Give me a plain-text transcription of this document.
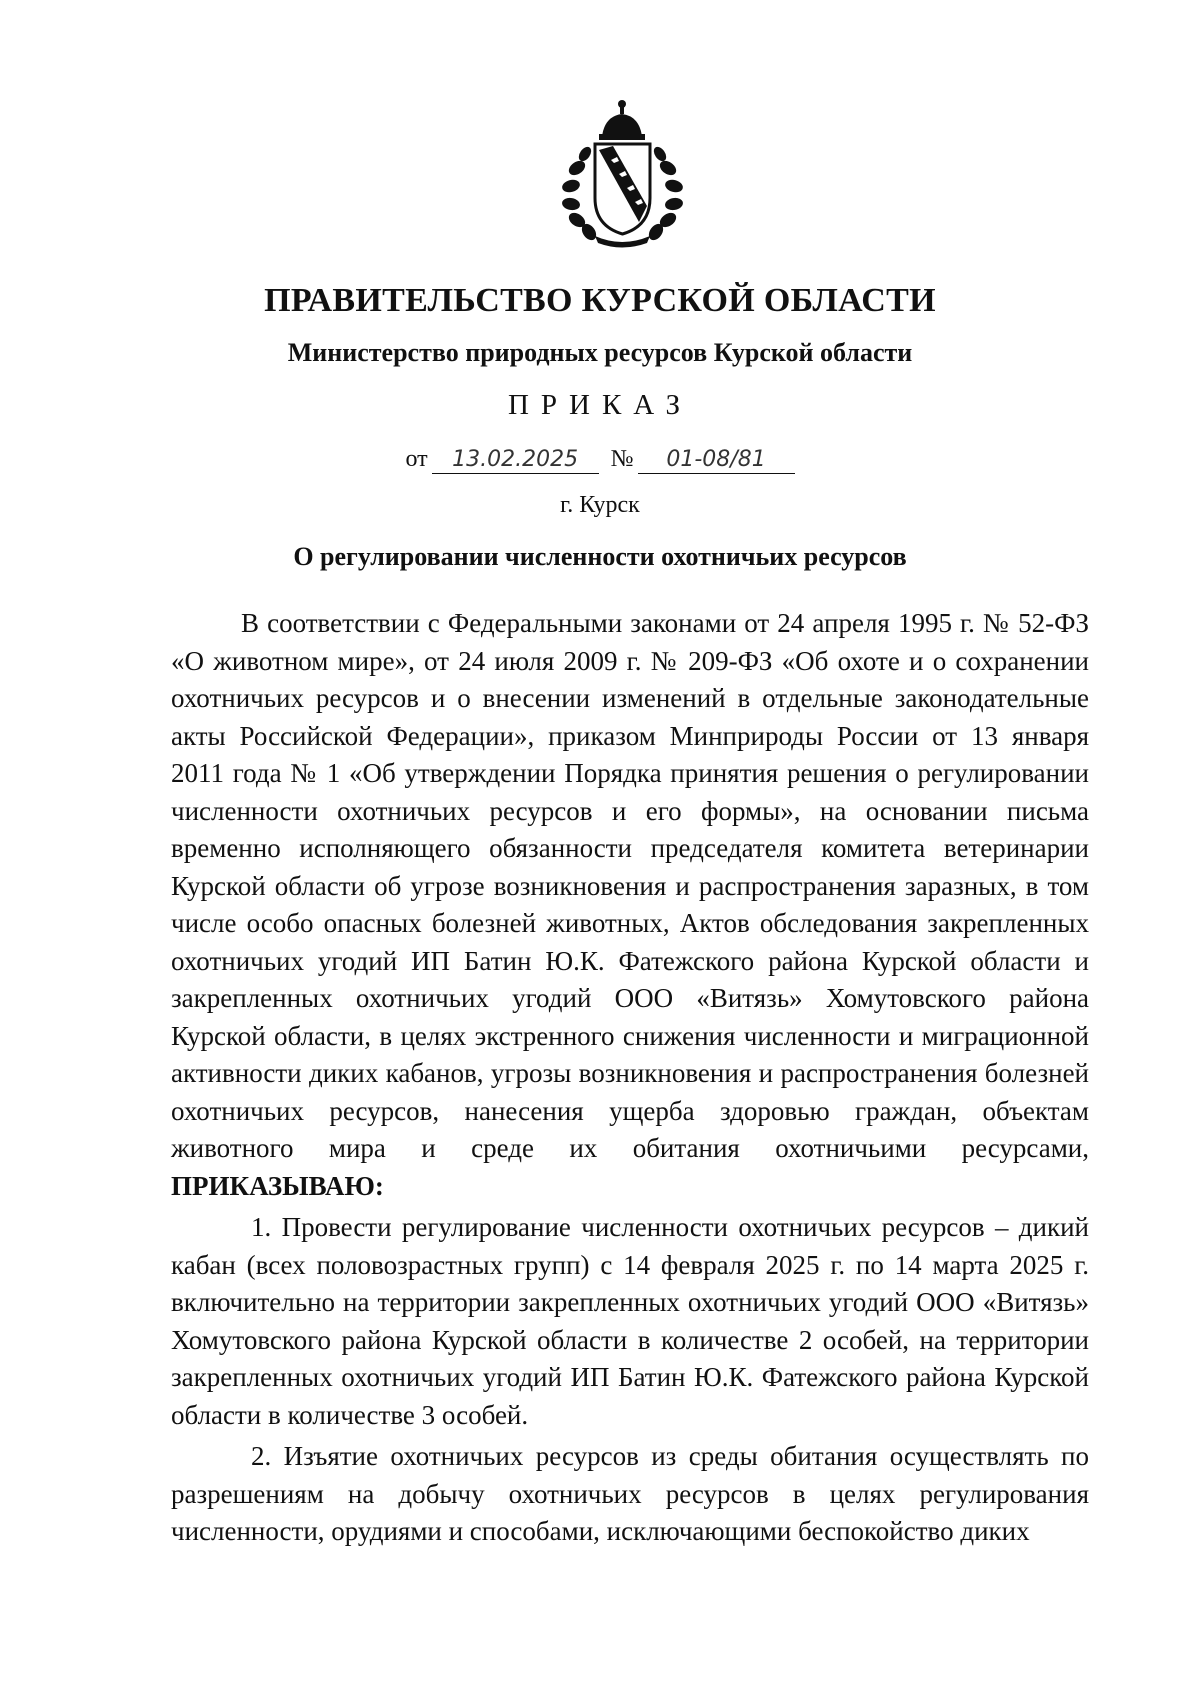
ПРАВИТЕЛЬСТВО КУРСКОЙ ОБЛАСТИ
Министерство природных ресурсов Курской области
ПРИКАЗ
от 13.02.2025 № 01-08/81
г. Курск
О регулировании численности охотничьих ресурсов

В соответствии с Федеральными законами от 24 апреля 1995 г. № 52-ФЗ «О животном мире», от 24 июля 2009 г. № 209-ФЗ «Об охоте и о сохранении охотничьих ресурсов и о внесении изменений в отдельные законодательные акты Российской Федерации», приказом Минприроды России от 13 января 2011 года № 1 «Об утверждении Порядка принятия решения о регулировании численности охотничьих ресурсов и его формы», на основании письма временно исполняющего обязанности председателя комитета ветеринарии Курской области об угрозе возникновения и распространения заразных, в том числе особо опасных болезней животных, Актов обследования закрепленных охотничьих угодий ИП Батин Ю.К. Фатежского района Курской области и закрепленных охотничьих угодий ООО «Витязь» Хомутовского района Курской области, в целях экстренного снижения численности и миграционной активности диких кабанов, угрозы возникновения и распространения болезней охотничьих ресурсов, нанесения ущерба здоровью граждан, объектам животного мира и среде их обитания охотничьими ресурсами, ПРИКАЗЫВАЮ:

1. Провести регулирование численности охотничьих ресурсов – дикий кабан (всех половозрастных групп) с 14 февраля 2025 г. по 14 марта 2025 г. включительно на территории закрепленных охотничьих угодий ООО «Витязь» Хомутовского района Курской области в количестве 2 особей, на территории закрепленных охотничьих угодий ИП Батин Ю.К. Фатежского района Курской области в количестве 3 особей.

2. Изъятие охотничьих ресурсов из среды обитания осуществлять по разрешениям на добычу охотничьих ресурсов в целях регулирования численности, орудиями и способами, исключающими беспокойство диких
